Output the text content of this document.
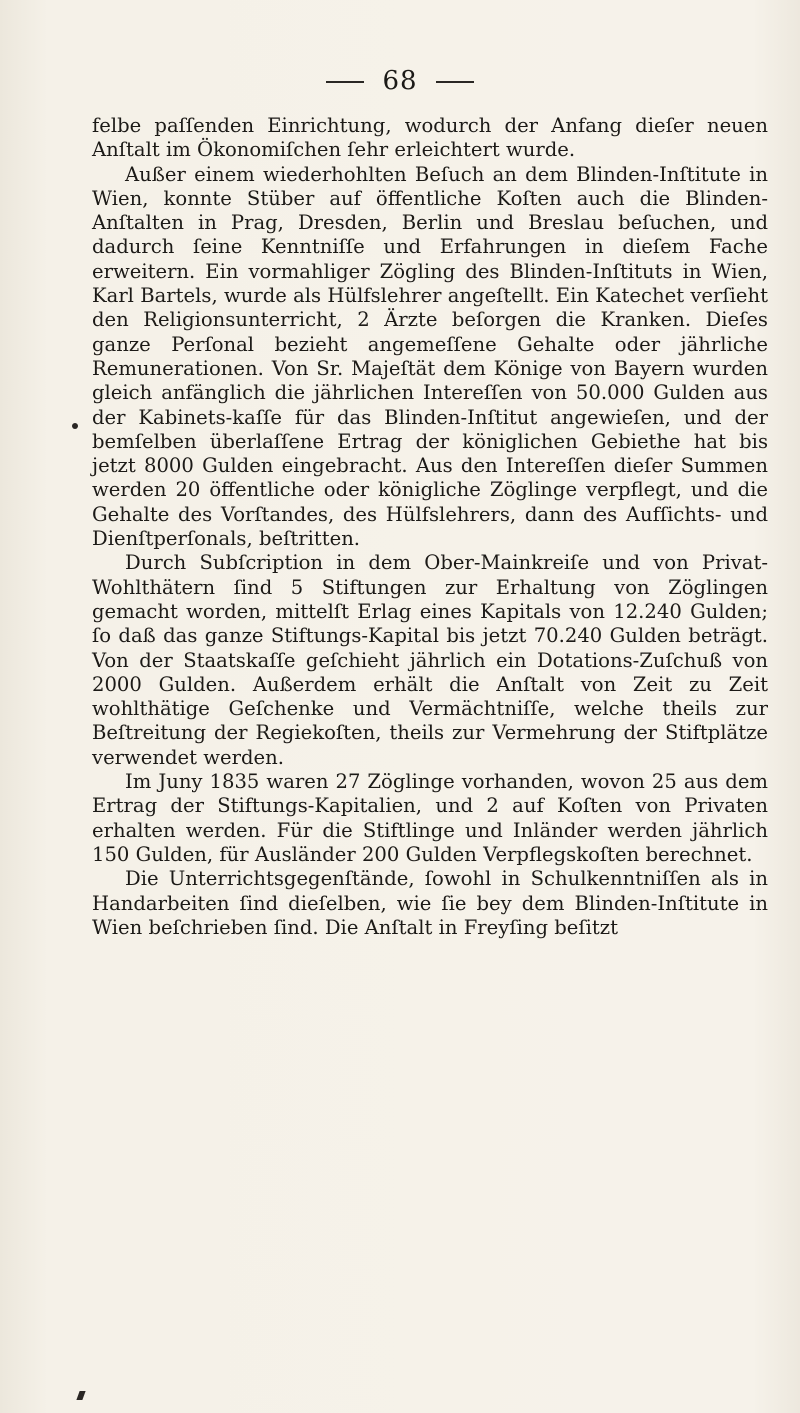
68

felbe paſſenden Einrichtung, wodurch der Anfang dieſer neuen Anſtalt im Ökonomiſchen ſehr erleichtert wurde.

Außer einem wiederhohlten Beſuch an dem Blinden-Inſtitute in Wien, konnte Stüber auf öffentliche Koſten auch die Blinden-Anſtalten in Prag, Dresden, Berlin und Breslau beſuchen, und dadurch ſeine Kenntniſſe und Erfahrungen in dieſem Fache erweitern. Ein vormahliger Zögling des Blinden-Inſtituts in Wien, Karl Bartels, wurde als Hülfslehrer angeſtellt. Ein Katechet verſieht den Religionsunterricht, 2 Ärzte beſorgen die Kranken. Dieſes ganze Perſonal bezieht angemeſſene Gehalte oder jährliche Remunerationen. Von Sr. Majeſtät dem Könige von Bayern wurden gleich anfänglich die jährlichen Intereſſen von 50.000 Gulden aus der Kabinets-kaſſe für das Blinden-Inſtitut angewieſen, und der bemſelben überlaſſene Ertrag der königlichen Gebiethe hat bis jetzt 8000 Gulden eingebracht. Aus den Intereſſen dieſer Summen werden 20 öffentliche oder königliche Zöglinge verpflegt, und die Gehalte des Vorſtandes, des Hülfslehrers, dann des Aufſichts- und Dienſtperſonals, beſtritten.

Durch Subſcription in dem Ober-Mainkreiſe und von Privat-Wohlthätern ſind 5 Stiftungen zur Erhaltung von Zöglingen gemacht worden, mittelſt Erlag eines Kapitals von 12.240 Gulden; ſo daß das ganze Stiftungs-Kapital bis jetzt 70.240 Gulden beträgt. Von der Staatskaſſe geſchieht jährlich ein Dotations-Zuſchuß von 2000 Gulden. Außerdem erhält die Anſtalt von Zeit zu Zeit wohlthätige Geſchenke und Vermächtniſſe, welche theils zur Beſtreitung der Regiekoſten, theils zur Vermehrung der Stiftplätze verwendet werden.

Im Juny 1835 waren 27 Zöglinge vorhanden, wovon 25 aus dem Ertrag der Stiftungs-Kapitalien, und 2 auf Koſten von Privaten erhalten werden. Für die Stiftlinge und Inländer werden jährlich 150 Gulden, für Ausländer 200 Gulden Verpflegskoſten berechnet.

Die Unterrichtsgegenſtände, ſowohl in Schulkenntniſſen als in Handarbeiten ſind dieſelben, wie ſie bey dem Blinden-Inſtitute in Wien beſchrieben ſind. Die Anſtalt in Freyſing beſitzt
